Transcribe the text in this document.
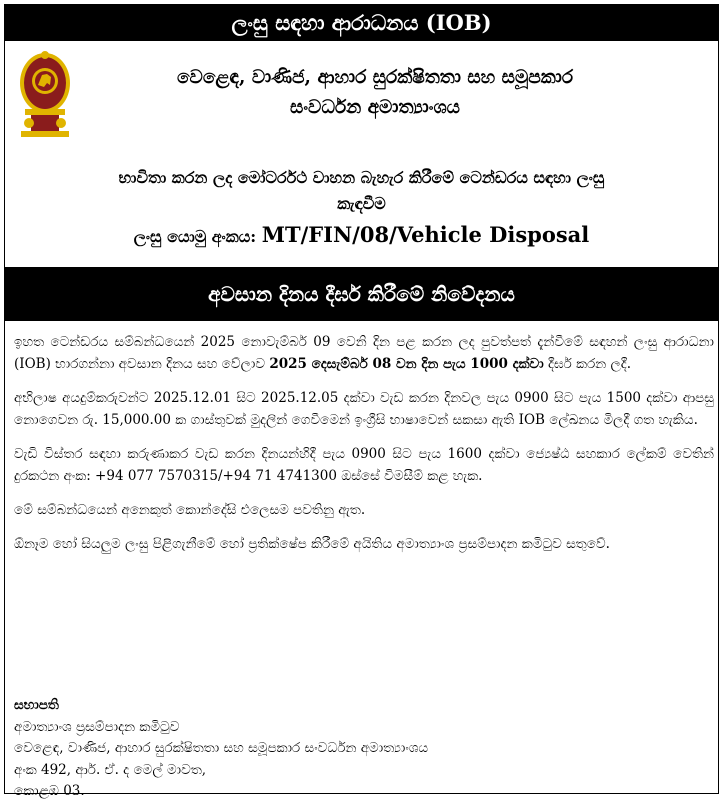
ලංසු සඳහා ආරාධනය (IOB)
වෙළෙඳ, වාණිජ, ආහාර සුරක්ෂිතතා සහ සමූපකාර
සංවර්ධන අමාත්‍යාංශය
භාවිතා කරන ලද මෝටර්රථ වාහන බැහැර කිරීමේ ටෙන්ඩරය සඳහා ලංසු
කැඳවීම
ලංසු යොමු අංකය: MT/FIN/08/Vehicle Disposal
අවසාන දිනය දීර්ඝ කිරීමේ නිවේදනය

ඉහත ටෙන්ඩරය සම්බන්ධයෙන් 2025 නොවැම්බර් 09 වෙනි දින පළ කරන ලද පුවත්පත් දැන්වීමේ සඳහන් ලංසු ආරාධනා (IOB) භාරගන්නා අවසාන දිනය සහ වේලාව 2025 දෙසැම්බර් 08 වන දින පැය 1000 දක්වා දීර්ඝ කරන ලදී.

අභිලාෂ අයදුම්කරුවන්ට 2025.12.01 සිට 2025.12.05 දක්වා වැඩ කරන දිනවල පැය 0900 සිට පැය 1500 දක්වා ආපසු නොගෙවන රු. 15,000.00 ක ගාස්තුවක් මුදලින් ගෙවීමෙන් ඉංග්‍රීසි භාෂාවෙන් සකසා ඇති IOB ලේඛනය මිලදී ගත හැකිය.

වැඩි විස්තර සඳහා කරුණාකර වැඩ කරන දිනයන්හිදී පැය 0900 සිට පැය 1600 දක්වා ජ්‍යෙෂ්ඨ සහකාර ලේකම් වෙතින් දුරකථන අංක: +94 077 7570315/+94 71 4741300 ඔස්සේ විමසීම් කළ හැක.

මේ සම්බන්ධයෙන් අනෙකුත් කොන්දේසි එලෙසම පවතිනු ඇත.

ඕනෑම හෝ සියලුම ලංසු පිළිගැනීමේ හෝ ප්‍රතික්ෂේප කිරීමේ අයිතිය අමාත්‍යාංශ ප්‍රසම්පාදන කමිටුව සතුවේ.

සභාපති
අමාත්‍යාංශ ප්‍රසම්පාදන කමිටුව
වෙළෙඳ, වාණිජ, ආහාර සුරක්ෂිතතා සහ සමූපකාර සංවර්ධන අමාත්‍යාංශය
අංක 492, ආර්. ඒ. ද මෙල් මාවත,
කොළඹ 03.
